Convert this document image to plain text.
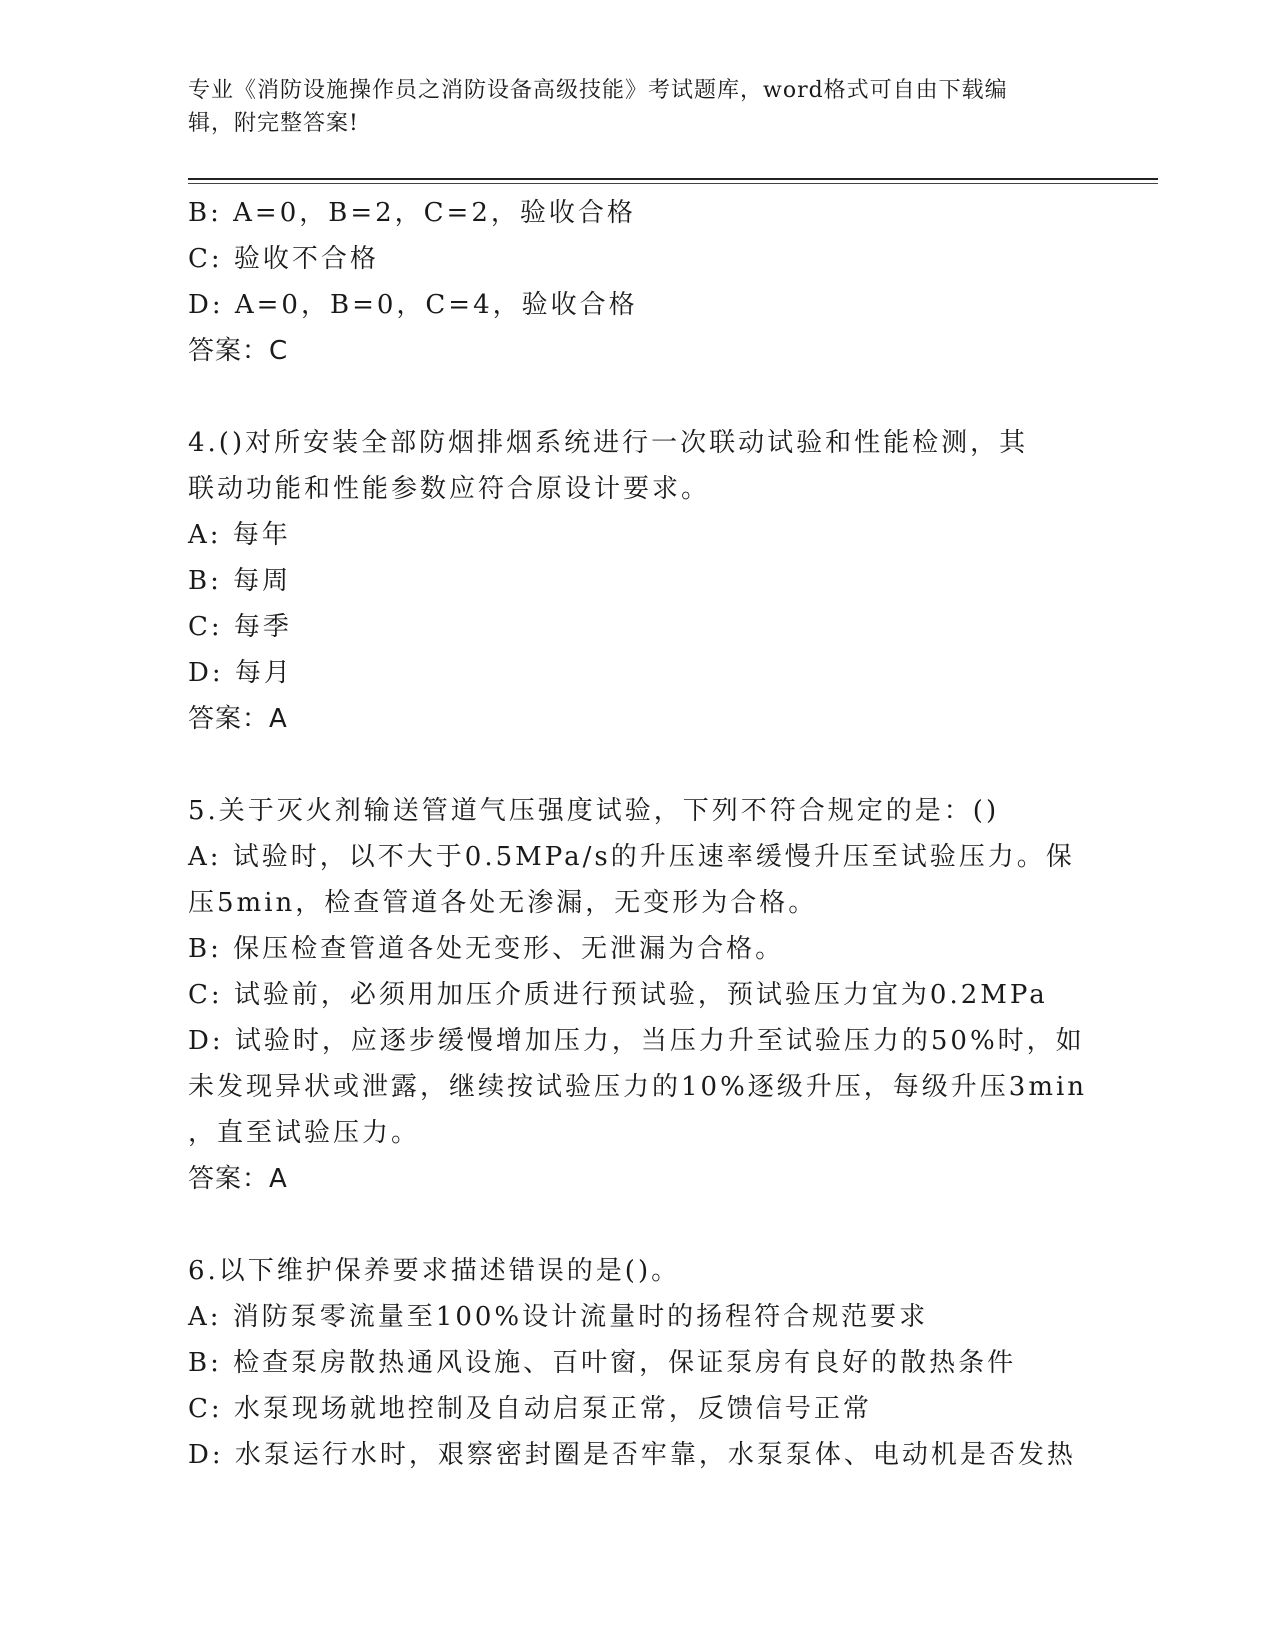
专业《消防设施操作员之消防设备高级技能》考试题库，word格式可自由下载编
辑，附完整答案!
B: A=0，B=2，C=2，验收合格
C: 验收不合格
D: A=0，B=0，C=4，验收合格
答案：C
4.()对所安装全部防烟排烟系统进行一次联动试验和性能检测，其
联动功能和性能参数应符合原设计要求。
A: 每年
B: 每周
C: 每季
D: 每月
答案：A
5.关于灭火剂输送管道气压强度试验，下列不符合规定的是：()
A: 试验时，以不大于0.5MPa/s的升压速率缓慢升压至试验压力。保
压5min，检查管道各处无渗漏，无变形为合格。
B: 保压检查管道各处无变形、无泄漏为合格。
C: 试验前，必须用加压介质进行预试验，预试验压力宜为0.2MPa
D: 试验时，应逐步缓慢增加压力，当压力升至试验压力的50%时，如
未发现异状或泄露，继续按试验压力的10%逐级升压，每级升压3min
，直至试验压力。
答案：A
6.以下维护保养要求描述错误的是()。
A: 消防泵零流量至100%设计流量时的扬程符合规范要求
B: 检查泵房散热通风设施、百叶窗，保证泵房有良好的散热条件
C: 水泵现场就地控制及自动启泵正常，反馈信号正常
D: 水泵运行水时，艰察密封圈是否牢靠，水泵泵体、电动机是否发热
